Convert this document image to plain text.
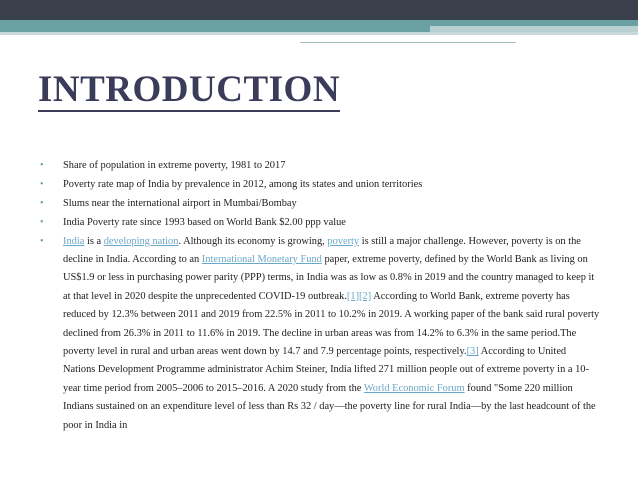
INTRODUCTION
• Share of population in extreme poverty, 1981 to 2017
• Poverty rate map of India by prevalence in 2012, among its states and union territories
• Slums near the international airport in Mumbai/Bombay
• India Poverty rate since 1993 based on World Bank $2.00 ppp value
• India is a developing nation. Although its economy is growing, poverty is still a major challenge. However, poverty is on the decline in India. According to an International Monetary Fund paper, extreme poverty, defined by the World Bank as living on US$1.9 or less in purchasing power parity (PPP) terms, in India was as low as 0.8% in 2019 and the country managed to keep it at that level in 2020 despite the unprecedented COVID-19 outbreak.[1][2] According to World Bank, extreme poverty has reduced by 12.3% between 2011 and 2019 from 22.5% in 2011 to 10.2% in 2019. A working paper of the bank said rural poverty declined from 26.3% in 2011 to 11.6% in 2019. The decline in urban areas was from 14.2% to 6.3% in the same period.The poverty level in rural and urban areas went down by 14.7 and 7.9 percentage points, respectively.[3] According to United Nations Development Programme administrator Achim Steiner, India lifted 271 million people out of extreme poverty in a 10-year time period from 2005–2006 to 2015–2016. A 2020 study from the World Economic Forum found "Some 220 million Indians sustained on an expenditure level of less than Rs 32 / day—the poverty line for rural India—by the last headcount of the poor in India in
